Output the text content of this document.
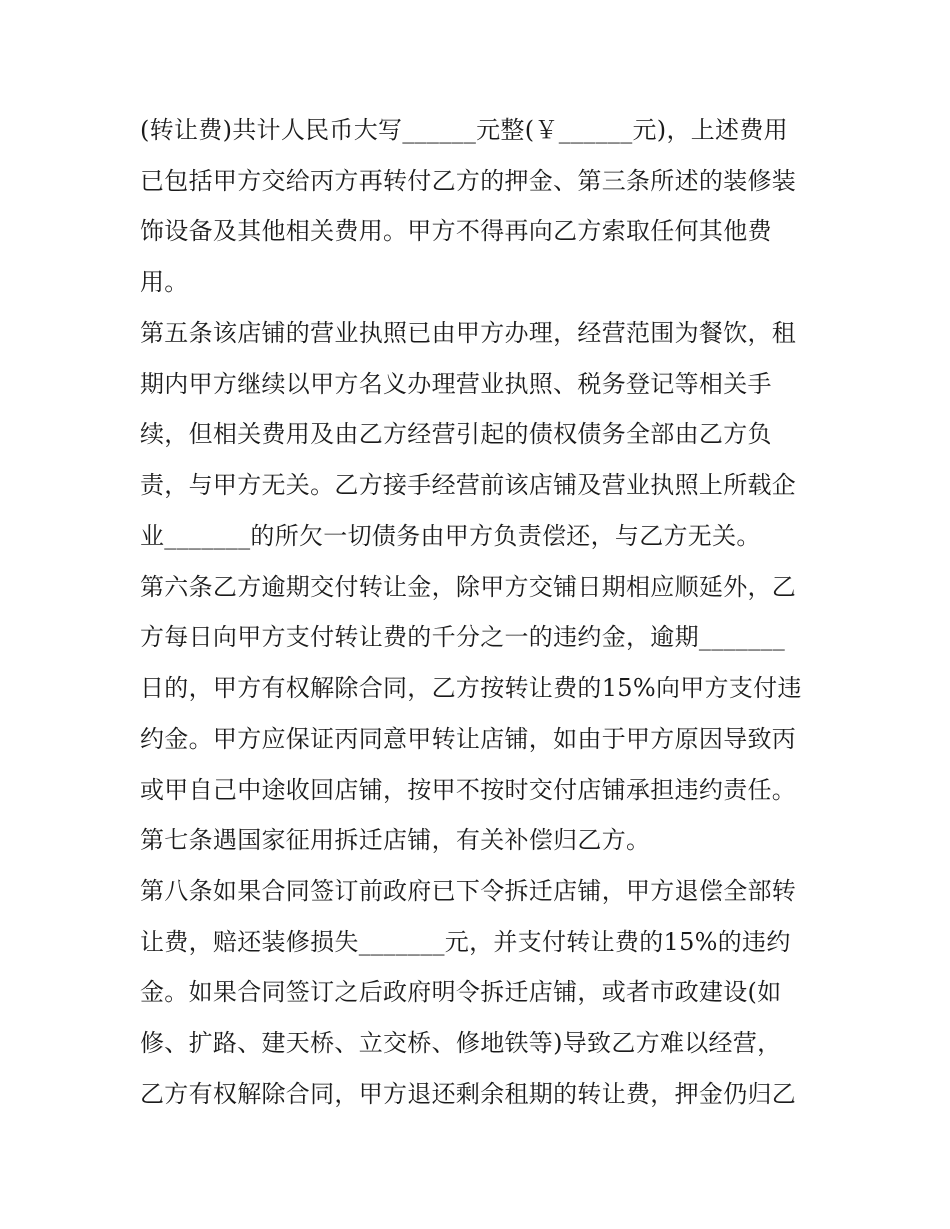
(转让费)共计人民币大写______元整(￥______元)，上述费用
已包括甲方交给丙方再转付乙方的押金、第三条所述的装修装
饰设备及其他相关费用。甲方不得再向乙方索取任何其他费
用。
第五条该店铺的营业执照已由甲方办理，经营范围为餐饮，租
期内甲方继续以甲方名义办理营业执照、税务登记等相关手
续，但相关费用及由乙方经营引起的债权债务全部由乙方负
责，与甲方无关。乙方接手经营前该店铺及营业执照上所载企
业_______的所欠一切债务由甲方负责偿还，与乙方无关。
第六条乙方逾期交付转让金，除甲方交铺日期相应顺延外，乙
方每日向甲方支付转让费的千分之一的违约金，逾期_______
日的，甲方有权解除合同，乙方按转让费的15%向甲方支付违
约金。甲方应保证丙同意甲转让店铺，如由于甲方原因导致丙
或甲自己中途收回店铺，按甲不按时交付店铺承担违约责任。
第七条遇国家征用拆迁店铺，有关补偿归乙方。
第八条如果合同签订前政府已下令拆迁店铺，甲方退偿全部转
让费，赔还装修损失_______元，并支付转让费的15%的违约
金。如果合同签订之后政府明令拆迁店铺，或者市政建设(如
修、扩路、建天桥、立交桥、修地铁等)导致乙方难以经营，
乙方有权解除合同，甲方退还剩余租期的转让费，押金仍归乙
